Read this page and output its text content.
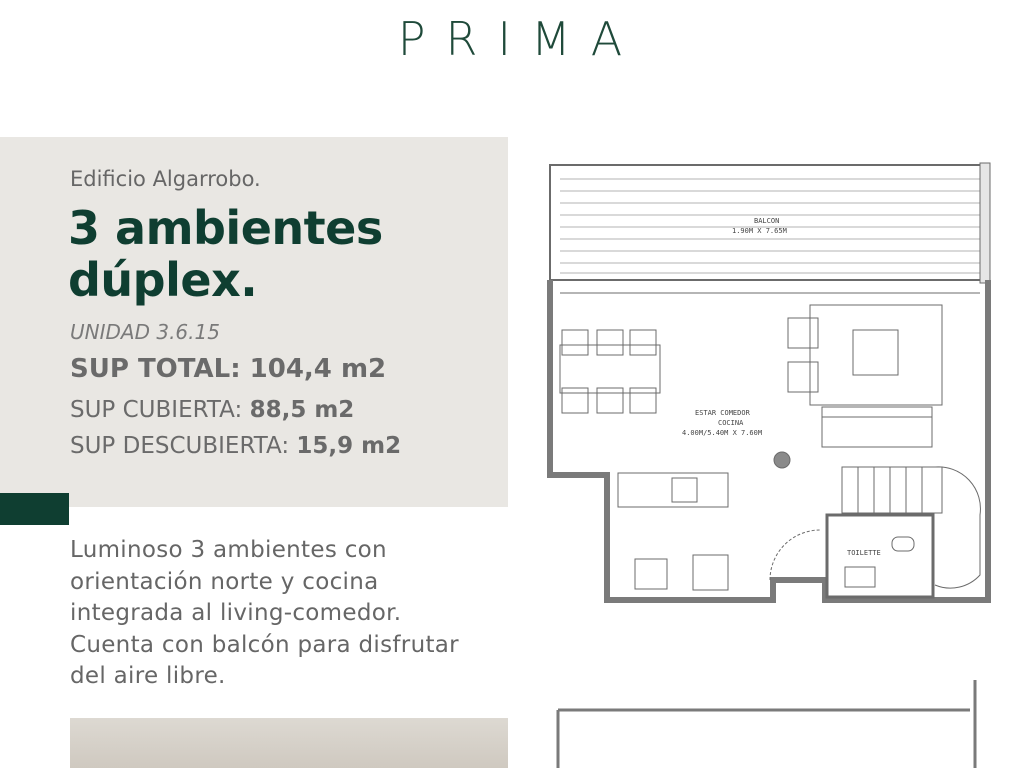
PRIMA
Edificio Algarrobo.
3 ambientes
dúplex.
UNIDAD 3.6.15
SUP TOTAL: 104,4 m2
SUP CUBIERTA: 88,5 m2
SUP DESCUBIERTA: 15,9 m2
Luminoso 3 ambientes con orientación norte y cocina integrada al living-comedor. Cuenta con balcón para disfrutar del aire libre.
BALCON
1.90M X 7.65M
ESTAR COMEDOR
COCINA
4.00M/5.40M X 7.60M
TOILETTE
